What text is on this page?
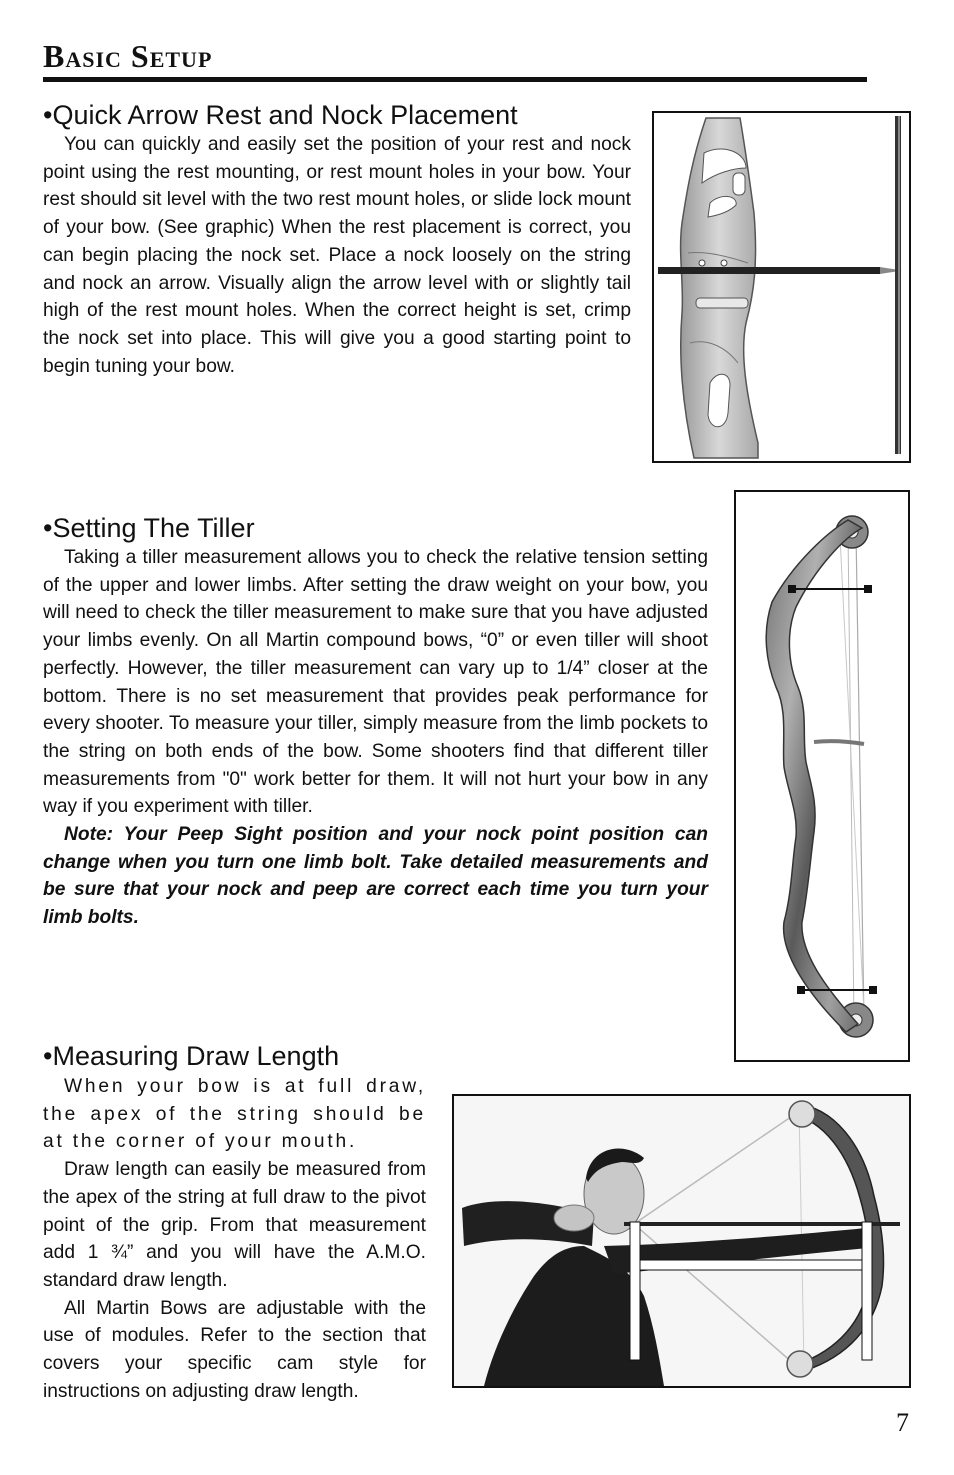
Basic Setup
•Quick Arrow Rest and Nock Placement

You can quickly and easily set the position of your rest and nock point using the rest mounting, or rest mount holes in your bow. Your rest should sit level with the two rest mount holes, or slide lock mount of your bow. (See graphic) When the rest placement is correct, you can begin placing the nock set. Place a nock loosely on the string and nock an arrow. Visually align the arrow level with or slightly tail high of the rest mount holes. When the correct height is set, crimp the nock set into place. This will give you a good starting point to begin tuning your bow.

•Setting The Tiller

Taking a tiller measurement allows you to check the relative tension setting of the upper and lower limbs. After setting the draw weight on your bow, you will need to check the tiller measurement to make sure that you have adjusted your limbs evenly. On all Martin compound bows, “0” or even tiller will shoot perfectly. However, the tiller measurement can vary up to 1/4” closer at the bottom. There is no set measurement that provides peak performance for every shooter. To measure your tiller, simply measure from the limb pockets to the string on both ends of the bow. Some shooters find that different tiller measurements from "0" work better for them. It will not hurt your bow in any way if you experiment with tiller.

Note: Your Peep Sight position and your nock point position can change when you turn one limb bolt. Take detailed measurements and be sure that your nock and peep are correct each time you turn your limb bolts.

•Measuring Draw Length

When your bow is at full draw, the apex of the string should be at the corner of your mouth.

Draw length can easily be measured from the apex of the string at full draw to the pivot point of the grip. From that measurement add 1 ¾” and you will have the A.M.O. standard draw length.

All Martin Bows are adjustable with the use of modules. Refer to the section that covers your specific cam style for instructions on adjusting draw length.

7
